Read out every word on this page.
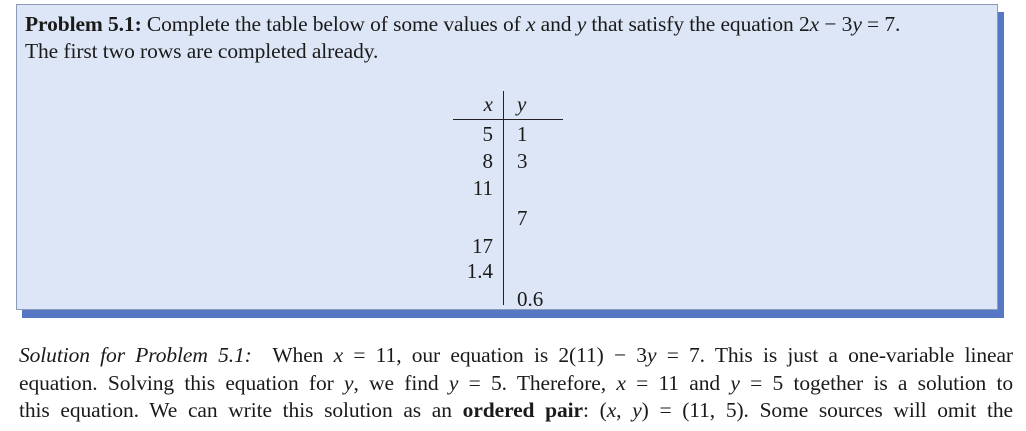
Problem 5.1: Complete the table below of some values of x and y that satisfy the equation 2x − 3y = 7.
The first two rows are completed already.
x y
5 1
8 3
11
7
17
1.4
0.6
Solution for Problem 5.1: When x = 11, our equation is 2(11) − 3y = 7. This is just a one-variable linear
equation. Solving this equation for y, we find y = 5. Therefore, x = 11 and y = 5 together is a solution to
this equation. We can write this solution as an ordered pair: (x, y) = (11, 5). Some sources will omit the
